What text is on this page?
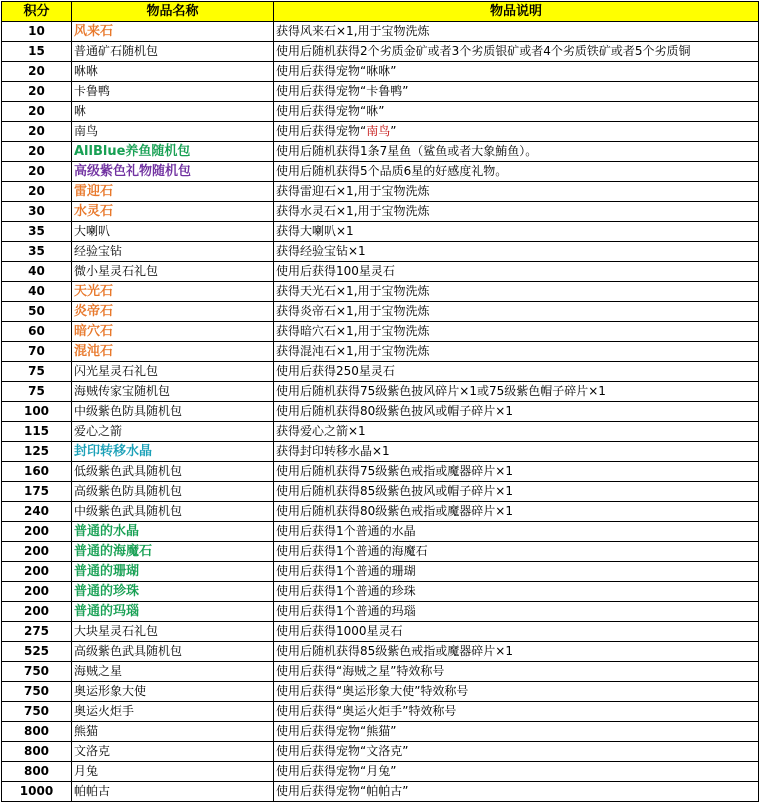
积分	物品名称	物品说明
10	风来石	获得风来石×1,用于宝物洗炼
15	普通矿石随机包	使用后随机获得2个劣质金矿或者3个劣质银矿或者4个劣质铁矿或者5个劣质铜
20	咻咻	使用后获得宠物“咻咻”
20	卡鲁鸭	使用后获得宠物“卡鲁鸭”
20	咻	使用后获得宠物“咻”
20	南鸟	使用后获得宠物“南鸟”
20	AllBlue养鱼随机包	使用后随机获得1条7星鱼（鲨鱼或者大象鮪鱼）。
20	高级紫色礼物随机包	使用后随机获得5个品质6星的好感度礼物。
20	雷迎石	获得雷迎石×1,用于宝物洗炼
30	水灵石	获得水灵石×1,用于宝物洗炼
35	大喇叭	获得大喇叭×1
35	经验宝钻	获得经验宝钻×1
40	微小星灵石礼包	使用后获得100星灵石
40	天光石	获得天光石×1,用于宝物洗炼
50	炎帝石	获得炎帝石×1,用于宝物洗炼
60	暗穴石	获得暗穴石×1,用于宝物洗炼
70	混沌石	获得混沌石×1,用于宝物洗炼
75	闪光星灵石礼包	使用后获得250星灵石
75	海贼传家宝随机包	使用后随机获得75级紫色披风碎片×1或75级紫色帽子碎片×1
100	中级紫色防具随机包	使用后随机获得80级紫色披风或帽子碎片×1
115	爱心之箭	获得爱心之箭×1
125	封印转移水晶	获得封印转移水晶×1
160	低级紫色武具随机包	使用后随机获得75级紫色戒指或魔器碎片×1
175	高级紫色防具随机包	使用后随机获得85级紫色披风或帽子碎片×1
240	中级紫色武具随机包	使用后随机获得80级紫色戒指或魔器碎片×1
200	普通的水晶	使用后获得1个普通的水晶
200	普通的海魔石	使用后获得1个普通的海魔石
200	普通的珊瑚	使用后获得1个普通的珊瑚
200	普通的珍珠	使用后获得1个普通的珍珠
200	普通的玛瑙	使用后获得1个普通的玛瑙
275	大块星灵石礼包	使用后获得1000星灵石
525	高级紫色武具随机包	使用后随机获得85级紫色戒指或魔器碎片×1
750	海贼之星	使用后获得“海贼之星”特效称号
750	奥运形象大使	使用后获得“奥运形象大使”特效称号
750	奥运火炬手	使用后获得“奥运火炬手”特效称号
800	熊猫	使用后获得宠物“熊猫”
800	文洛克	使用后获得宠物“文洛克”
800	月兔	使用后获得宠物“月兔”
1000	帕帕古	使用后获得宠物“帕帕古”
